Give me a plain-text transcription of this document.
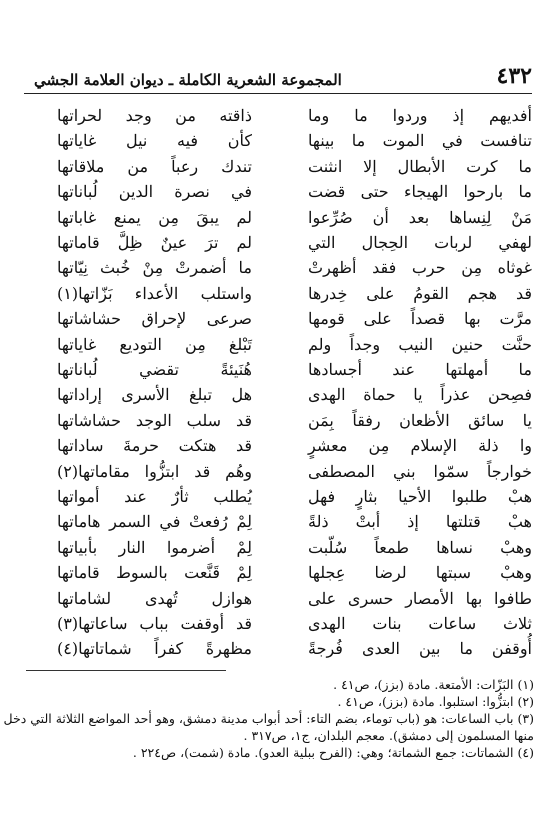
٤٣٢
المجموعة الشعرية الكاملة ـ ديوان العلامة الجشي
أفديهم إذ وردوا ما وما
ذاقته من وجد لحراتها
تنافست في الموت ما بينها
كأن فيه نيل غاياتها
ما كرت الأبطال إلا انثنت
تندك رعباً من ملاقاتها
ما بارحوا الهيجاء حتى قضت
في نصرة الدين لُباناتها
مَنْ لِنِساها بعد أن صُرِّعوا
لم يبقَ مِن يمنع غاباتها
لهفي لربات الحِجال التي
لم ترَ عينٌ ظِلَّ قاماتها
غوثاه مِن حرب فقد أظهرتْ
ما أضمرتْ مِنْ خُبث نِيّاتها
قد هجم القومُ على خِدرها
واستلب الأعداء بَزّاتها(١)
مرَّت بها قصداً على قومها
صرعى لإحراق حشاشاتها
حنَّت حنين النيب وجداً ولم
تَبْلغ مِن التوديع غاياتها
ما أمهلتها عند أجسادها
هُنَيئةً تقضي لُباناتها
فصِحن عذراً يا حماة الهدى
هل تبلغ الأسرى إراداتها
يا سائق الأظعان رفقاً بِمَن
قد سلب الوجد حشاشاتها
وا ذلة الإسلام مِن معشرٍ
قد هتكت حرمةَ ساداتها
خوارجاً سمّوا بني المصطفى
وهُم قد ابتزُّوا مقاماتها(٢)
هبْ طلبوا الأحيا بثارٍ فهل
يُطلب ثأرٌ عند أمواتها
هبْ قتلتها إذ أبتْ ذلةً
لِمْ رُفعتْ في السمر هاماتها
وهبْ نساها طمعاً سُلّبت
لِمْ أضرموا النار بأبياتها
وهبْ سبتها لرضا عِجلها
لِمْ قَنَّعت بالسوط قاماتها
طافوا بها الأمصار حسرى على
هوازل تُهدى لشاماتها
ثلاث ساعات بنات الهدى
قد أوقفت بباب ساعاتها(٣)
أُوقفن ما بين العدى فُرجةً
مظهرةً كفراً شماتاتها(٤)
(١) البَزّات: الأمتعة. مادة (بزز)، ص٤١ .
(٢) ابتزُّوا: استلبوا. مادة (بزز)، ص٤١ .
(٣) باب الساعات: هو (باب توماء، بضم التاء: أحد أبواب مدينة دمشق، وهو أحد المواضع الثلاثة التي دخل
منها المسلمون إلى دمشق). معجم البلدان، ج١، ص٣١٧ .
(٤) الشماتات: جمع الشماتة؛ وهي: (الفرح ببلية العدو). مادة (شمت)، ص٢٢٤ .
